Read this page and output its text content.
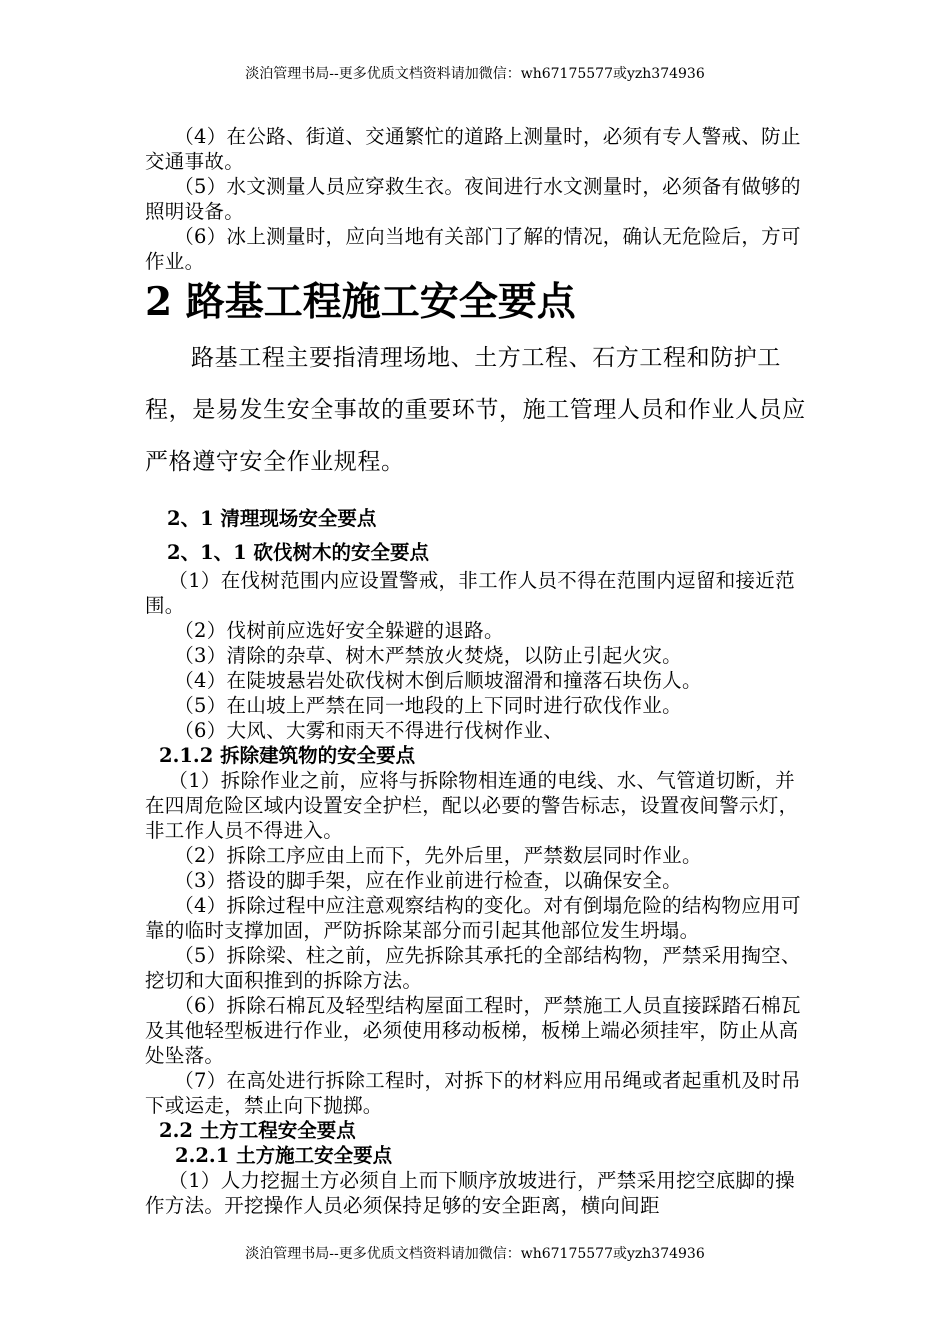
淡泊管理书局--更多优质文档资料请加微信：wh67175577或yzh374936

（4）在公路、街道、交通繁忙的道路上测量时，必须有专人警戒、防止交通事故。

（5）水文测量人员应穿救生衣。夜间进行水文测量时，必须备有做够的照明设备。

（6）冰上测量时，应向当地有关部门了解的情况，确认无危险后，方可作业。

2 路基工程施工安全要点

路基工程主要指清理场地、土方工程、石方工程和防护工程，是易发生安全事故的重要环节，施工管理人员和作业人员应严格遵守安全作业规程。

2、1 清理现场安全要点
2、1、1 砍伐树木的安全要点

（1）在伐树范围内应设置警戒，非工作人员不得在范围内逗留和接近范围。

（2）伐树前应选好安全躲避的退路。

（3）清除的杂草、树木严禁放火焚烧，以防止引起火灾。

（4）在陡坡悬岩处砍伐树木倒后顺坡溜滑和撞落石块伤人。

（5）在山坡上严禁在同一地段的上下同时进行砍伐作业。

（6）大风、大雾和雨天不得进行伐树作业、

2.1.2 拆除建筑物的安全要点

（1）拆除作业之前，应将与拆除物相连通的电线、水、气管道切断，并在四周危险区域内设置安全护栏，配以必要的警告标志，设置夜间警示灯，非工作人员不得进入。

（2）拆除工序应由上而下，先外后里，严禁数层同时作业。

（3）搭设的脚手架，应在作业前进行检查，以确保安全。

（4）拆除过程中应注意观察结构的变化。对有倒塌危险的结构物应用可靠的临时支撑加固，严防拆除某部分而引起其他部位发生坍塌。

（5）拆除梁、柱之前，应先拆除其承托的全部结构物，严禁采用掏空、挖切和大面积推到的拆除方法。

（6）拆除石棉瓦及轻型结构屋面工程时，严禁施工人员直接踩踏石棉瓦及其他轻型板进行作业，必须使用移动板梯，板梯上端必须挂牢，防止从高处坠落。

（7）在高处进行拆除工程时，对拆下的材料应用吊绳或者起重机及时吊下或运走，禁止向下抛掷。

2.2 土方工程安全要点
2.2.1 土方施工安全要点

（1）人力挖掘土方必须自上而下顺序放坡进行，严禁采用挖空底脚的操作方法。开挖操作人员必须保持足够的安全距离，横向间距

淡泊管理书局--更多优质文档资料请加微信：wh67175577或yzh374936
